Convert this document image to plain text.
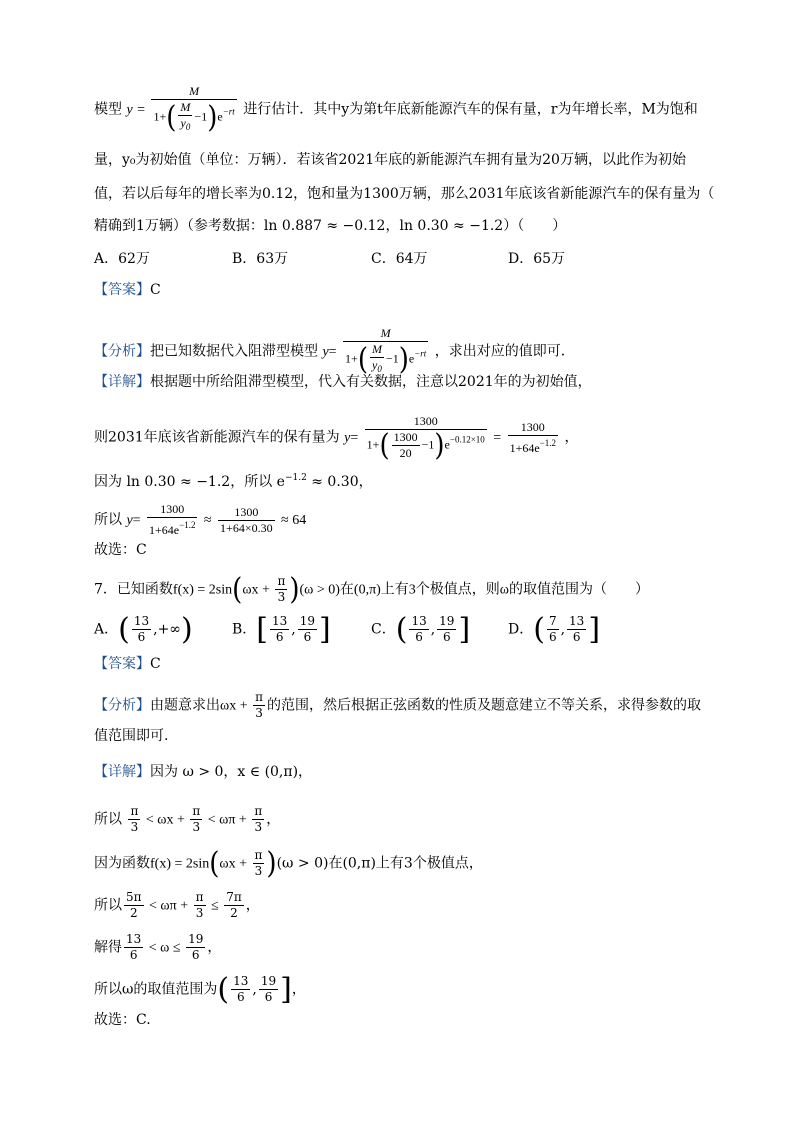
模型 $y = \frac{M}{1+( \frac{M}{y_0} -1)e^{-rt}}$ 进行估计．其中y为第t年底新能源汽车的保有量，r为年增长率，M为饱和
量，y₀为初始值（单位：万辆）．若该省2021年底的新能源汽车拥有量为20万辆，以此作为初始
值，若以后每年的增长率为0.12，饱和量为1300万辆，那么2031年底该省新能源汽车的保有量为（
精确到1万辆）（参考数据：ln 0.887 ≈ −0.12，ln 0.30 ≈ −1.2）（　　）
A．62万	B．63万	C．64万	D．65万
【答案】C
【分析】把已知数据代入阻滞型模型 $y= \frac{M}{1+( \frac{M}{y_0} -1)e^{-rt}}$ ，求出对应的值即可．
【详解】根据题中所给阻滞型模型，代入有关数据，注意以2021年的为初始值，
则2031年底该省新能源汽车的保有量为 $y= \frac{1300}{1+( \frac{1300}{20} -1)e^{-0.12\times 10}} = \frac{1300}{1+64e^{-1.2}}$ ，
因为 ln 0.30 ≈ −1.2，所以 $e^{-1.2} \approx 0.30$，
所以 $y= \frac{1300}{1+64e^{-1.2}} \approx \frac{1300}{1+64\times 0.30} \approx 64$
故选：C
7．已知函数$f(x) = 2\sin(\omega x + \frac{\pi}{3} )(\omega > 0)$在(0,π)上有3个极值点，则ω的取值范围为（　　）
A．( $\frac{13}{6}$ ,+∞)	B．[ $\frac{13}{6}$ , $\frac{19}{6}$ ]	C．( $\frac{13}{6}$ , $\frac{19}{6}$ ]	D．( $\frac{7}{6}$ , $\frac{13}{6}$ ]
【答案】C
【分析】由题意求出$\omega x + \frac{\pi}{3}$ 的范围，然后根据正弦函数的性质及题意建立不等关系，求得参数的取
值范围即可.
【详解】因为 ω > 0，x ∈ (0,π)，
所以 $\frac{\pi}{3} < \omega x + \frac{\pi}{3} < \omega\pi + \frac{\pi}{3}$ ，
因为函数$f(x) = 2\sin(\omega x + \frac{\pi}{3} )(\omega > 0)$在(0,π)上有3个极值点，
所以 $\frac{5\pi}{2} < \omega\pi + \frac{\pi}{3} \le \frac{7\pi}{2}$ ，
解得 $\frac{13}{6} < \omega \le \frac{19}{6}$ ，
所以ω的取值范围为( $\frac{13}{6}$ , $\frac{19}{6}$ ]，
故选：C.
